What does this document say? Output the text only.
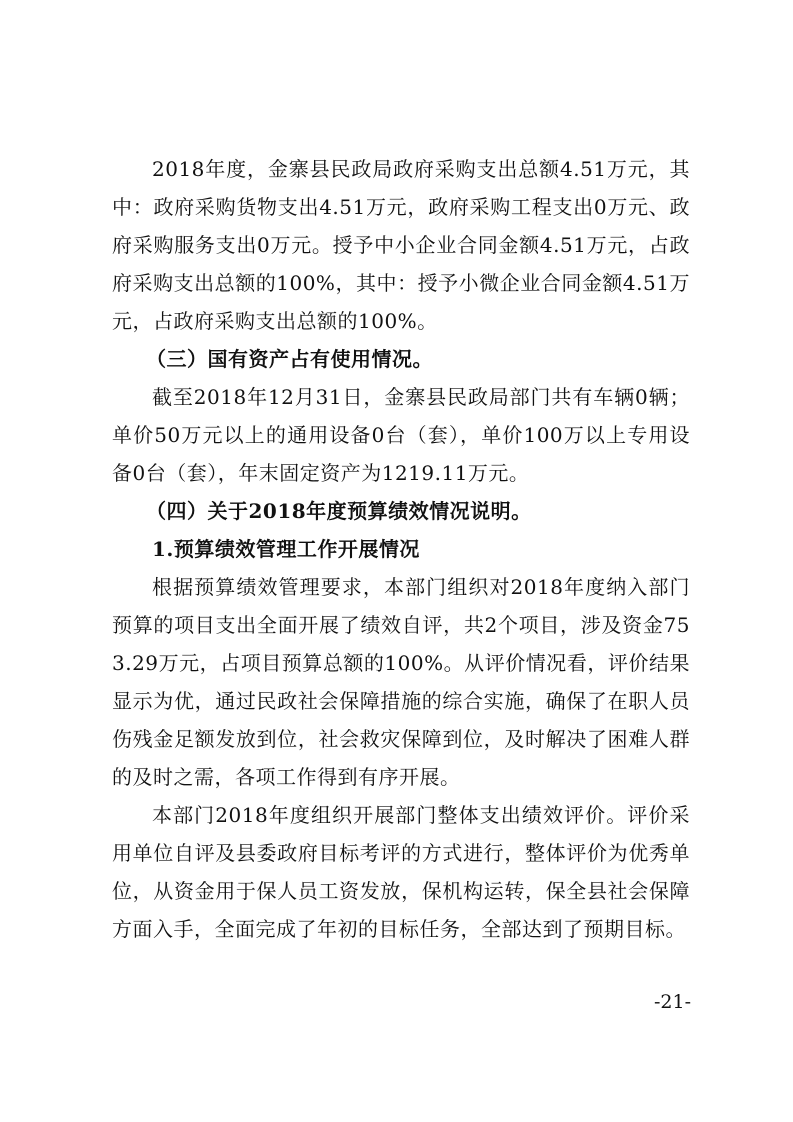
2018年度，金寨县民政局政府采购支出总额4.51万元，其中：政府采购货物支出4.51万元，政府采购工程支出0万元、政府采购服务支出0万元。授予中小企业合同金额4.51万元，占政府采购支出总额的100%，其中：授予小微企业合同金额4.51万元，占政府采购支出总额的100%。

（三）国有资产占有使用情况。

截至2018年12月31日，金寨县民政局部门共有车辆0辆；单价50万元以上的通用设备0台（套），单价100万以上专用设备0台（套），年末固定资产为1219.11万元。

（四）关于2018年度预算绩效情况说明。
1.预算绩效管理工作开展情况

根据预算绩效管理要求，本部门组织对2018年度纳入部门预算的项目支出全面开展了绩效自评，共2个项目，涉及资金753.29万元，占项目预算总额的100%。从评价情况看，评价结果显示为优，通过民政社会保障措施的综合实施，确保了在职人员伤残金足额发放到位，社会救灾保障到位，及时解决了困难人群的及时之需，各项工作得到有序开展。

本部门2018年度组织开展部门整体支出绩效评价。评价采用单位自评及县委政府目标考评的方式进行，整体评价为优秀单位，从资金用于保人员工资发放，保机构运转，保全县社会保障方面入手，全面完成了年初的目标任务，全部达到了预期目标。

-21-
